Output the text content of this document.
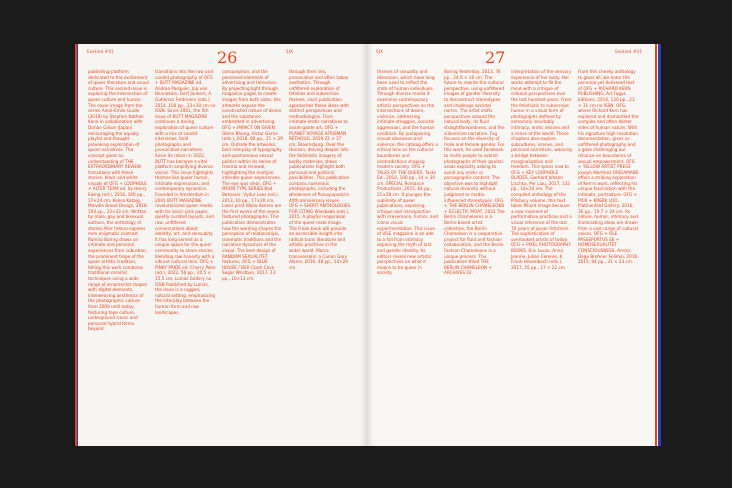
Exotied #41	SIX
26
publishing platform dedicated to the excitement of queer literature and visual culture. This second issue is exploring the intersection of queer culture and humor. The cover image from the series Aimé-Emile Guide (2019) by Stephen Nathan Kane in collaboration with Dorian Gilson (Japan) encouraging the equally playful and thought-provoking exploration of queer narratives. The concept gives an understanding of THE EXTRAORDINARY REVIEW transitions with these stories, black and white visuals of OFG + LOOPHOLE + ALTER TEAM ed. by Henry Ewing (ed.), 2016, 100 pp., 17×24 cm, Konsa Kataig, Melville Broad Design, 2018. 104 pp., 23×33 cm. Written by male, gay and bisexual authors, the anthology of stories Aller hetero-sapiens men enigmatic contrast Ramiro Baring draws on intimate and personal experiences from suburban, the prominent trope of the queer artistic tradition, telling this work combines traditional ceramic techniques using a wide range of ornamental shapes with digital elements, interweaving aesthetics of the photographic culture from 2000 until today, featuring tape culture, underground iconic and personal hybrid forms beyond.
transitions into the raw and candid photography of OFG + BUTT MAGAZINE ed. Andrea Pasquier, Jop van Bennekom, Gert Jonkers, A. Gutierrez Feldmann (eds.), 2014, 100 pp., 23×30 cm no ISSN. Since 2001, the 5th issue of BUTT MAGAZINE continues a daring exploration of queer culture with a mix of candid interviews, bold photographs and provocative narratives. Since its return in 2022, BUTT has become a vital platform amplifying diverse voices. This issue highlights themes like queer humor, intimate expressions, and contemporary dynamics. Founded in Amsterdam in 2001 BUTT MAGAZINE revolutionized queer media with its iconic pink paper, quietly curated layouts, and raw, unfiltered conversations about identity, art, and sensuality. It has long served as a unique space for the queer community to share stories, blending raw honesty with a vibrant cultural lens. OFG + PINKY PRIDE ed. Cherry Palm (ed.), 2022, 56 pp., 20.5 × 15.5 cm, Lumas Gallery no ISSN Published by Lumas, the issue is a rugged, natural setting, emphasizing the interplay between the human form and raw landscapes.
consumption, and the perceived elements of advertising and television. By projecting light through magazine pages to create images from both sides, the artworks expose the constructed nature of desire and the substance embedded in advertising. OFG + IMPACT ON GIVEN: Glenn Bhong, Victor Gorne (eds.), 2018, 60 pp., 21 × 29 cm. Outside the artworks, bold interplay of typography and spontaneous sexual politics within its series of trauma and renewal, highlighting the multiple intricate queer experiences. The eye was clear, OFG + MOON TYPE SERIES Bad Behavior, Vydur Loos (ed.), 2013, 10 pp., 17×20 cm, Laser print Walla itemen are the first works of the seven featured photographs. This publication demonstrates how the wording shapes the perception of relationships, cinematic traditions and the narrative dynamics of the visual. The best design of RANDOM SEXUALITET features, OFG + BLUE HOUSE / DER Clash Cove Sugar Wristbun, 2017, 13 pp., 10×13 cm.
through their sex, provocative and often taboo aesthetics. Through unfiltered exploration of fetishes and subversive themes, each publication approaches these ideas with distinct perspectives and methodologies. From intimate erotic narratives to avant-garde art, OFG + PLANET VOYAGE AFRISMAN RETHOUG, 2019 22 × 37 cm, Bloomsburg. Over the Horizon, delving deeper into the fetishistic imagery of bodily materials, these publications highlight both personal and political possibilities. This publication contains numerous photographs, including the wholeness of Prosopopoeia's 40th anniversary issues. OFG + SHORT ANTHOLOGIES FOR CITING Wiesbade (eds.), 2015. A playful reappraisal of the queer male image. The Frank book will provide an accessible insight into radical trans literature and artistic practices in the wider world. Marca transversalis: a Canon Gary Atkins, 2016, 48 pp., 14×20 cm.
SIX	Exotied #41
27
themes of sexuality and obsession, which have long been used to reflect the state of human individuals. Through diverse media it examines contemporary artistic perspectives on the intersections of desire, violence, addressing intimate struggles, societal aggression, and the human condition. By juxtaposing sexual obsession and violence, the catalog offers a critical lens on the cultural boundaries and contradictions shaping modern society. OFG + TALES OF THE QUEER, Tasks Ed., 2010, 100 pp., 14 × 30 cm. SPECIAL Romance Productions, 2015, 64 pp., 21×28 cm. It plunges the sublimity of queer publications, exploring critique and introspection with irreverence, humor, and iconic visual experimentation. This issue of VILE magazine is an ode to a fall from intimacy exploring the myth of lust and gender identity. Its editors reveal new artistic perspectives on what it means to be queer in society.
Boring Yesterday, 2013, 78 pp., 24.5 × 16 cm. The future to rewrite the cultural perspective, using unfiltered images of gender diversity to deconstruct stereotypes and challenge societal norms. The artist shifts perspectives around the natural body, its fluid straightforwardness, and the subversive narrative. Fog focuses on the diversity of male and female gender. For this work, he used Facebook to invite people to submit photographs of their genital areas explicitly asking to avoid any erotic or pornographic content. The objective was to highlight natural diversity without judgment or media-influenced stereotypes. OFG + THE BERLIN CHAMELEONS + ECLECTIC MOAT, 2022 The Berlin Chameleons is a Berlin-based artist collective, the Berlin Chameleon is a cooperative project for fluid and fashion collaboration, and the Berlin Fashion Chameleons is a unique process. The publication titled THE BERLIN CHAMELEON + ARCHIVES 02.
interpretation of the sensory experience of her body. Her works attempt to fill the mind with a critique of colonial perspectives over the last hundred years. From the fetishistic to subversive humor in a visual form of photographs defined by extremely inevitably intimacy, erotic desires and a sense of the world. These chapters also explore subcultures, scenes, and personal narratives, weaving a bridge between marginalization and freedom. This spans now to OFG + KEY LOOPHOLE BLADES, Gerhard Johann Lischka, Per Liau, 2017, 132 pp., 18×24 cm. The compiled anthology of the Pillsbury volume, this text takes Pillard image because a new moment of performative practices and a visual reference of the last 70 years of queer fetishism. The sophistication of overlooked artists of today. OFG + PIXEL PHOTOGRAPHY BOOKS, Eric Lucas, Anna Jeanne, Julian Cerenie, K. Frank Hesselbach (eds.), 2017, 55 pp., 27 × 22 cm.
From this cheeky anthology to gloss all, we enter the personal yet delivered text of OFG + RICHARD KERN PUBLISHING, Art Fagus Editions, 2016, 120 pp., 23 × 31 cm no ISSN. OFG, where Richard Kern has explored and dismantled the complex and often darker sides of human nature. With his signature high-resolution documentation, gives us unfiltered photography and a gaze challenging our reliance on boundaries of sexual empowerment. OFG + YELLOW ARTIST PRESS Joseph Martinez ORIGAMANS offers a striking exploration of Kern's work, reflecting his unique fascination with the intimate, portraiture. OFG + PICK + KREKK LOO, Platinenfeld Gallery, 2016, 36 pp., 19.7 × 24 cm. Its nature, humor, intimacy and illuminating ideas are drawn from a vast range of cultural voices. OFG + OLE PASSEPORTUS SE + HOMOSEXUALITET CONSCIOUSNESS, Arrenz Dege Brehner Solimin, 2016, 2015, 94 pp., 31 × 23 cm.
